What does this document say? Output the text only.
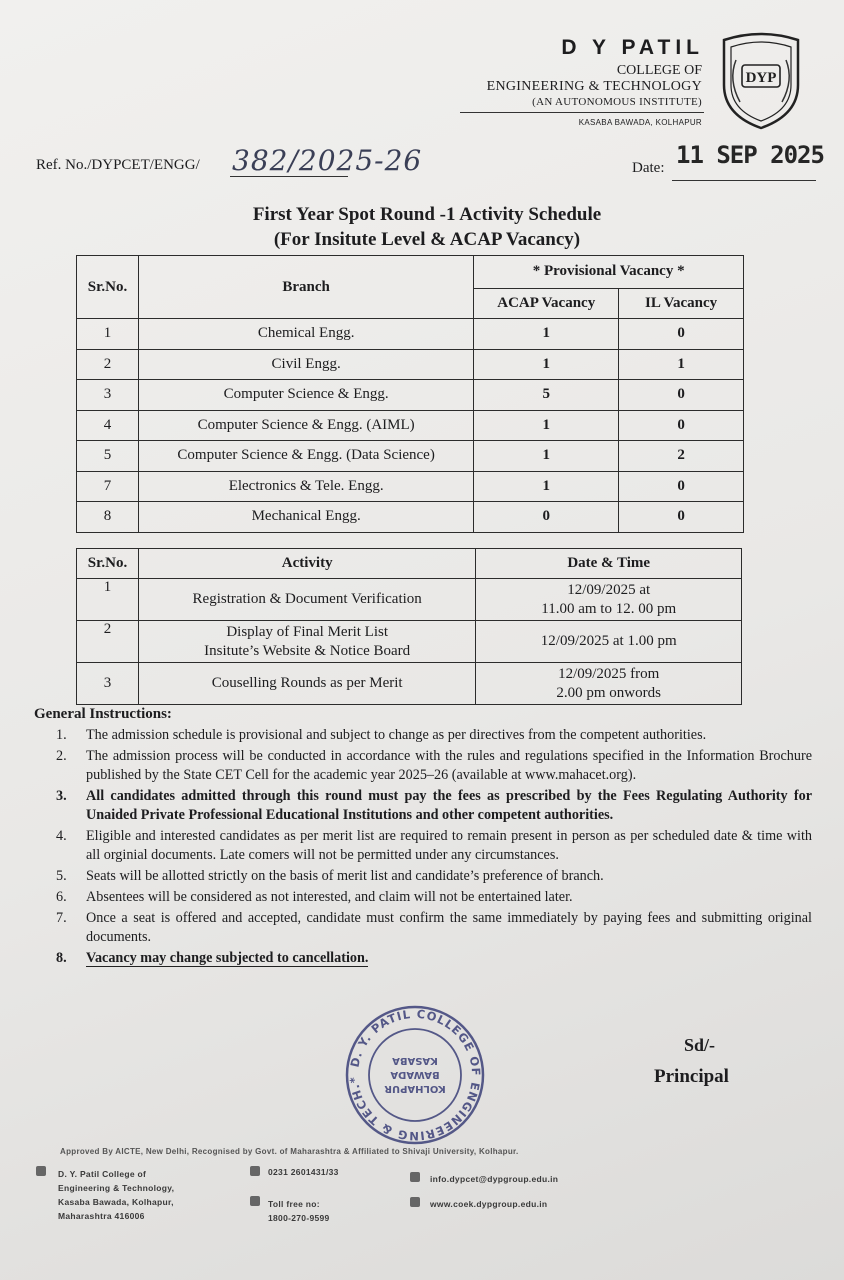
D Y PATIL
COLLEGE OF
ENGINEERING & TECHNOLOGY
(AN AUTONOMOUS INSTITUTE)
KASABA BAWADA, KOLHAPUR
DYP
Ref. No./DYPCET/ENGG/ 382/2025-26	Date: 11 SEP 2025
First Year Spot Round -1 Activity Schedule
(For Insitute Level & ACAP Vacancy)
Sr.No.	Branch	* Provisional Vacancy *	
		ACAP Vacancy	IL Vacancy
1	Chemical Engg.	1	0
2	Civil Engg.	1	1
3	Computer Science & Engg.	5	0
4	Computer Science & Engg. (AIML)	1	0
5	Computer Science & Engg. (Data Science)	1	2
7	Electronics & Tele. Engg.	1	0
8	Mechanical Engg.	0	0
Sr.No.	Activity	Date & Time
1	Registration & Document Verification	12/09/2025 at
11.00 am to 12. 00 pm

2	Display of Final Merit List
Insitute’s Website & Notice Board	12/09/2025 at 1.00 pm

3	Couselling Rounds as per Merit	12/09/2025 from
2.00 pm onwords
General Instructions:
1. The admission schedule is provisional and subject to change as per directives from the competent authorities.
2. The admission process will be conducted in accordance with the rules and regulations specified in the Information Brochure published by the State CET Cell for the academic year 2025–26 (available at www.mahacet.org).
3. All candidates admitted through this round must pay the fees as prescribed by the Fees Regulating Authority for Unaided Private Professional Educational Institutions and other competent authorities.
4. Eligible and interested candidates as per merit list are required to remain present in person as per scheduled date & time with all orginial documents. Late comers will not be permitted under any circumstances.
5. Seats will be allotted strictly on the basis of merit list and candidate’s preference of branch.
6. Absentees will be considered as not interested, and claim will not be entertained later.
7. Once a seat is offered and accepted, candidate must confirm the same immediately by paying fees and submitting original documents.
8. Vacancy may change subjected to cancellation.
D. Y. PATIL COLLEGE OF ENGINEERING & TECH.*
KOLHAPUR
BAWADA
KASABA
Sd/-
Principal
Approved By AICTE, New Delhi, Recognised by Govt. of Maharashtra & Affiliated to Shivaji University, Kolhapur.
D. Y. Patil College of
Engineering & Technology,
Kasaba Bawada, Kolhapur,
Maharashtra 416006
0231 2601431/33
Toll free no:
1800-270-9599
info.dypcet@dypgroup.edu.in
www.coek.dypgroup.edu.in
